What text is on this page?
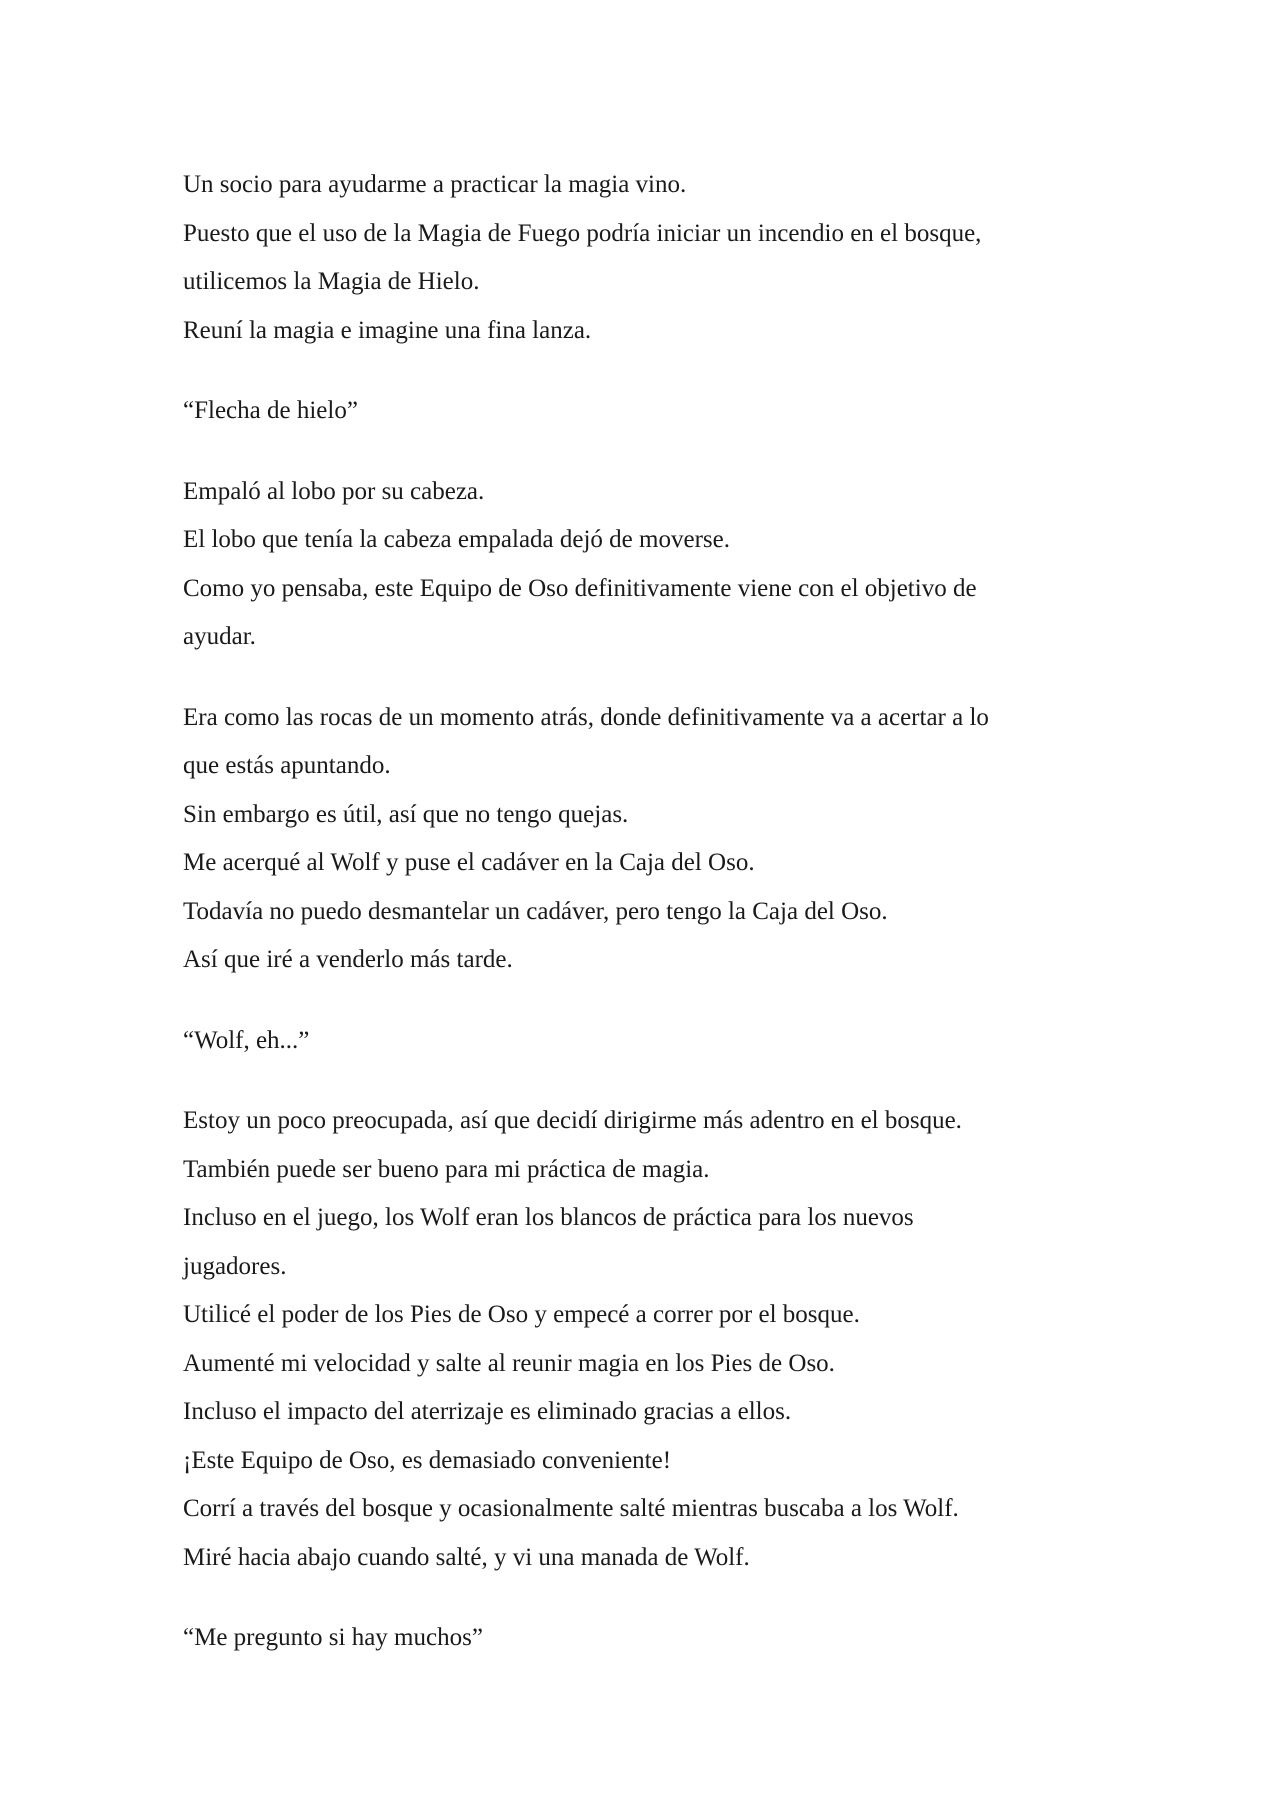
Un socio para ayudarme a practicar la magia vino.
Puesto que el uso de la Magia de Fuego podría iniciar un incendio en el bosque,
utilicemos la Magia de Hielo.
Reuní la magia e imagine una fina lanza.

“Flecha de hielo”

Empaló al lobo por su cabeza.
El lobo que tenía la cabeza empalada dejó de moverse.
Como yo pensaba, este Equipo de Oso definitivamente viene con el objetivo de
ayudar.

Era como las rocas de un momento atrás, donde definitivamente va a acertar a lo
que estás apuntando.
Sin embargo es útil, así que no tengo quejas.
Me acerqué al Wolf y puse el cadáver en la Caja del Oso.
Todavía no puedo desmantelar un cadáver, pero tengo la Caja del Oso.
Así que iré a venderlo más tarde.

“Wolf, eh...”

Estoy un poco preocupada, así que decidí dirigirme más adentro en el bosque.
También puede ser bueno para mi práctica de magia.
Incluso en el juego, los Wolf eran los blancos de práctica para los nuevos
jugadores.
Utilicé el poder de los Pies de Oso y empecé a correr por el bosque.
Aumenté mi velocidad y salte al reunir magia en los Pies de Oso.
Incluso el impacto del aterrizaje es eliminado gracias a ellos.
¡Este Equipo de Oso, es demasiado conveniente!
Corrí a través del bosque y ocasionalmente salté mientras buscaba a los Wolf.
Miré hacia abajo cuando salté, y vi una manada de Wolf.

“Me pregunto si hay muchos”
